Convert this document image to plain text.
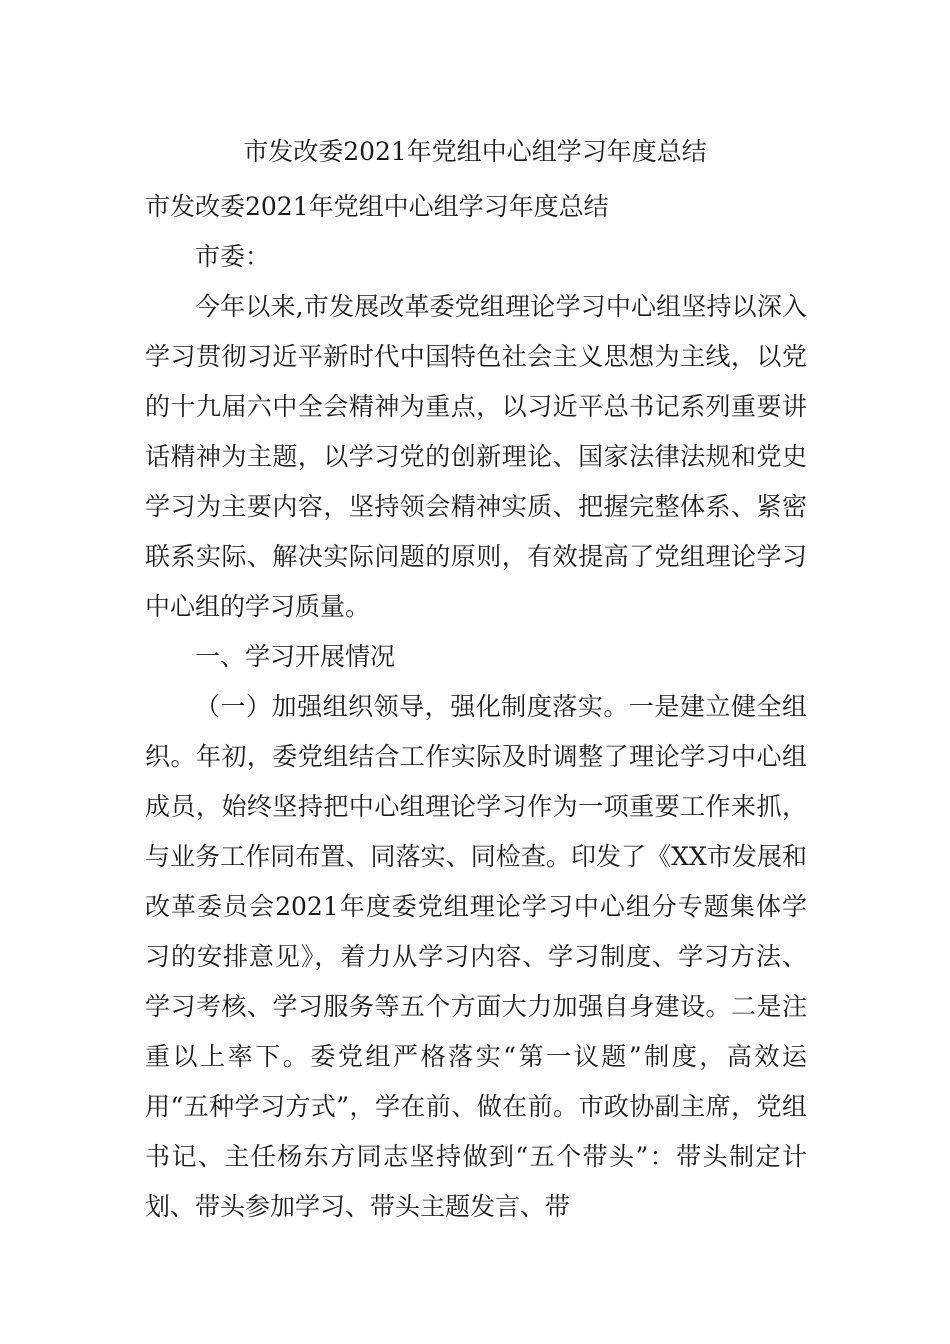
市发改委2021年党组中心组学习年度总结

市发改委2021年党组中心组学习年度总结

市委：

今年以来,市发展改革委党组理论学习中心组坚持以深入学习贯彻习近平新时代中国特色社会主义思想为主线，以党的十九届六中全会精神为重点，以习近平总书记系列重要讲话精神为主题，以学习党的创新理论、国家法律法规和党史学习为主要内容，坚持领会精神实质、把握完整体系、紧密联系实际、解决实际问题的原则，有效提高了党组理论学习中心组的学习质量。

一、学习开展情况

（一）加强组织领导，强化制度落实。一是建立健全组织。年初，委党组结合工作实际及时调整了理论学习中心组成员，始终坚持把中心组理论学习作为一项重要工作来抓，与业务工作同布置、同落实、同检查。印发了《XX市发展和改革委员会2021年度委党组理论学习中心组分专题集体学习的安排意见》，着力从学习内容、学习制度、学习方法、学习考核、学习服务等五个方面大力加强自身建设。二是注重以上率下。委党组严格落实“第一议题”制度，高效运用“五种学习方式”，学在前、做在前。市政协副主席，党组书记、主任杨东方同志坚持做到“五个带头”：带头制定计划、带头参加学习、带头主题发言、带
